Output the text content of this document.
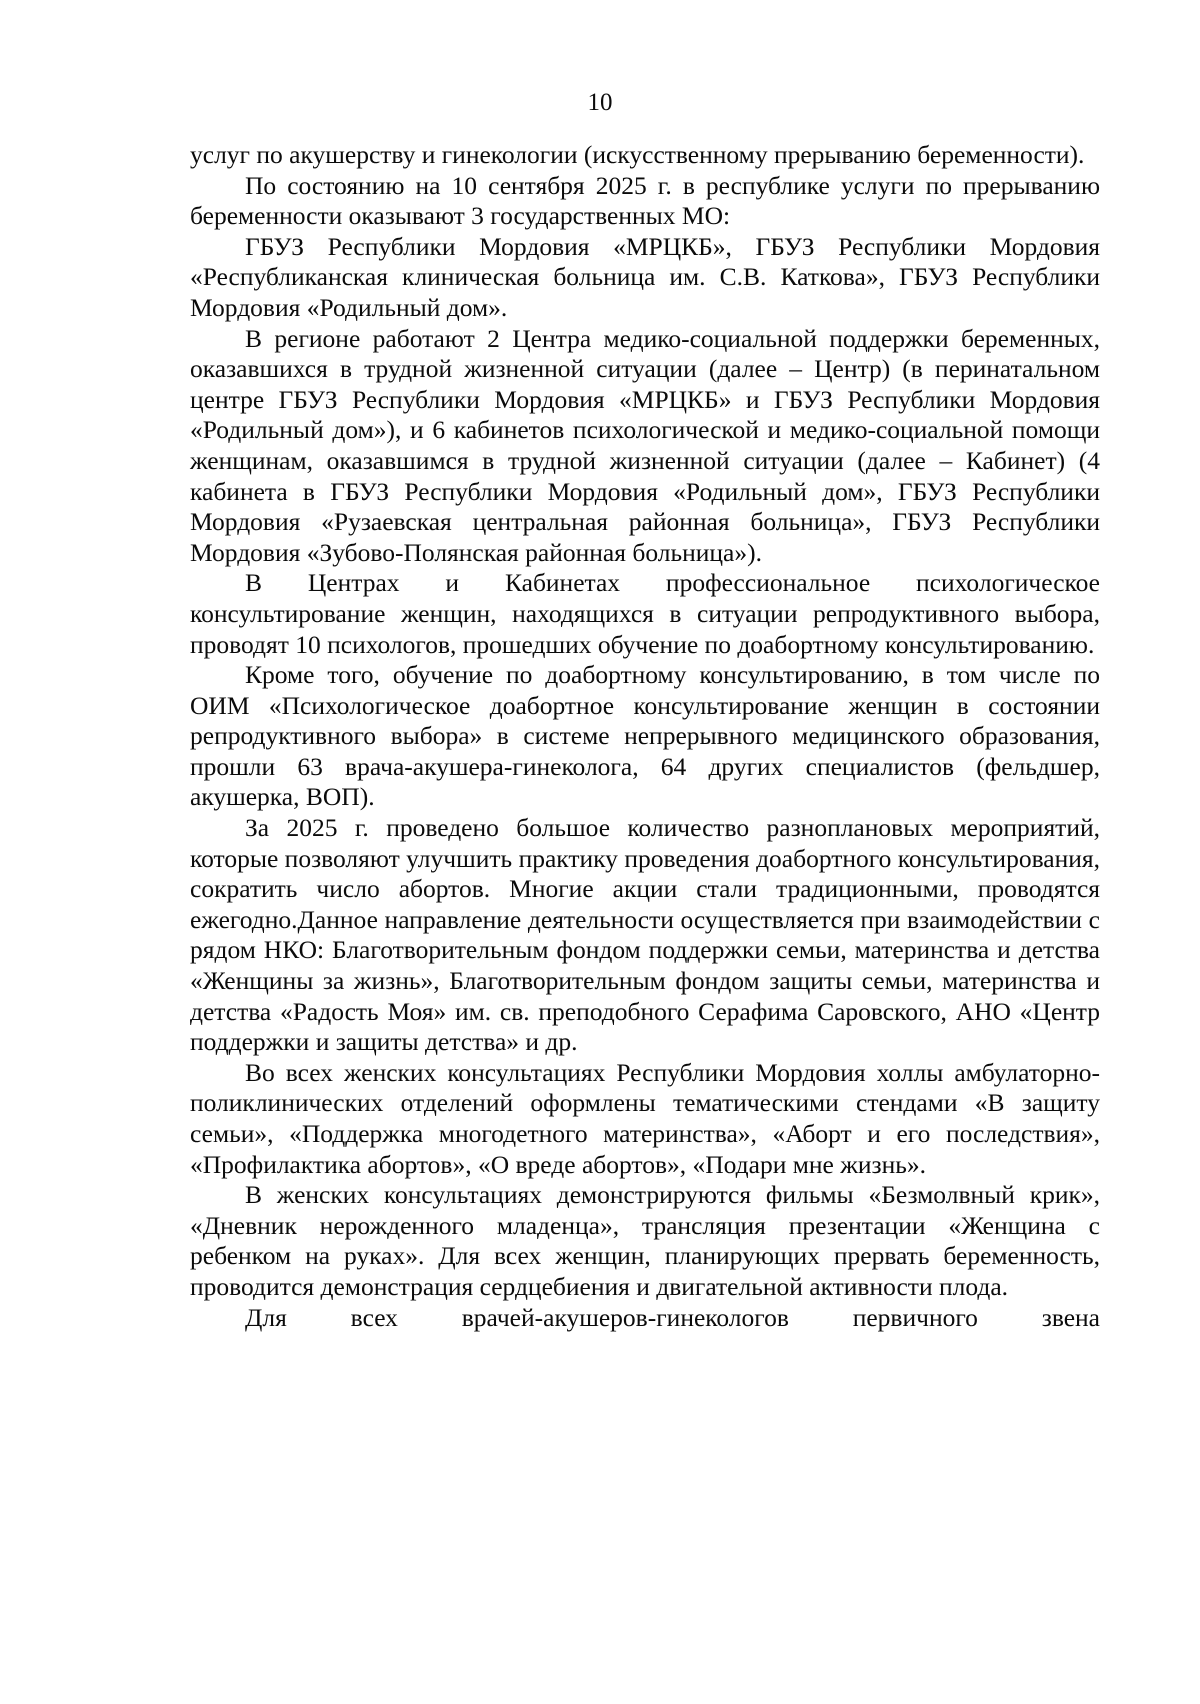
10

услуг по акушерству и гинекологии (искусственному прерыванию беременности).

По состоянию на 10 сентября 2025 г. в республике услуги по прерыванию беременности оказывают 3 государственных МО:

ГБУЗ Республики Мордовия «МРЦКБ», ГБУЗ Республики Мордовия «Республиканская клиническая больница им. С.В. Каткова», ГБУЗ Республики Мордовия «Родильный дом».

В регионе работают 2 Центра медико-социальной поддержки беременных, оказавшихся в трудной жизненной ситуации (далее – Центр) (в перинатальном центре ГБУЗ Республики Мордовия «МРЦКБ» и ГБУЗ Республики Мордовия «Родильный дом»), и 6 кабинетов психологической и медико-социальной помощи женщинам, оказавшимся в трудной жизненной ситуации (далее – Кабинет) (4 кабинета в ГБУЗ Республики Мордовия «Родильный дом», ГБУЗ Республики Мордовия «Рузаевская центральная районная больница», ГБУЗ Республики Мордовия «Зубово-Полянская районная больница»).

В Центрах и Кабинетах профессиональное психологическое консультирование женщин, находящихся в ситуации репродуктивного выбора, проводят 10 психологов, прошедших обучение по доабортному консультированию.

Кроме того, обучение по доабортному консультированию, в том числе по ОИМ «Психологическое доабортное консультирование женщин в состоянии репродуктивного выбора» в системе непрерывного медицинского образования, прошли 63 врача-акушера-гинеколога, 64 других специалистов (фельдшер, акушерка, ВОП).

За 2025 г. проведено большое количество разноплановых мероприятий, которые позволяют улучшить практику проведения доабортного консультирования, сократить число абортов. Многие акции стали традиционными, проводятся ежегодно.Данное направление деятельности осуществляется при взаимодействии с рядом НКО: Благотворительным фондом поддержки семьи, материнства и детства «Женщины за жизнь», Благотворительным фондом защиты семьи, материнства и детства «Радость Моя» им. св. преподобного Серафима Саровского, АНО «Центр поддержки и защиты детства» и др.

Во всех женских консультациях Республики Мордовия холлы амбулаторно-поликлинических отделений оформлены тематическими стендами «В защиту семьи», «Поддержка многодетного материнства», «Аборт и его последствия», «Профилактика абортов», «О вреде абортов», «Подари мне жизнь».

В женских консультациях демонстрируются фильмы «Безмолвный крик», «Дневник нерожденного младенца», трансляция презентации «Женщина с ребенком на руках». Для всех женщин, планирующих прервать беременность, проводится демонстрация сердцебиения и двигательной активности плода.

Для всех врачей-акушеров-гинекологов первичного звена
